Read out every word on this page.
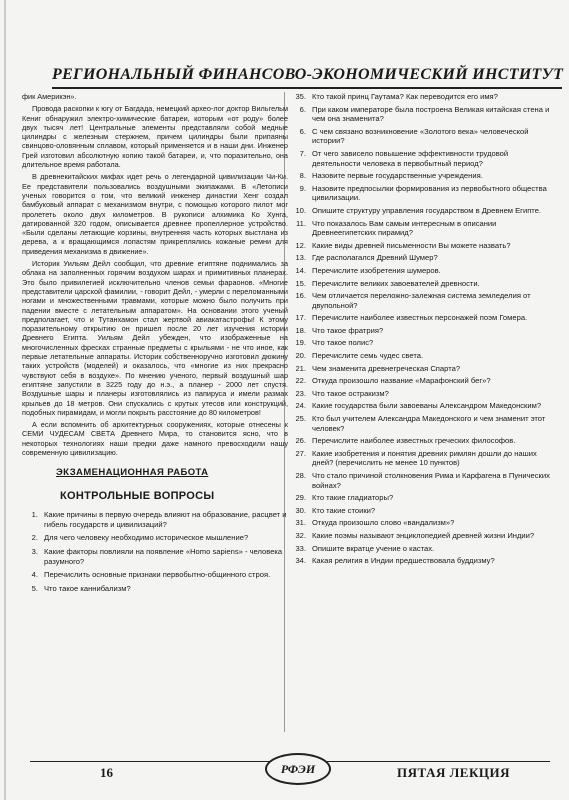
РЕГИОНАЛЬНЫЙ ФИНАНСОВО-ЭКОНОМИЧЕСКИЙ ИНСТИТУТ

фик Америкэн».

Провода раскопки к югу от Багдада, немецкий архео-лог доктор Вильгельм Кениг обнаружил электро-химические батареи, которым «от роду» более двух тысяч лет! Центральные элементы представляли собой медные цилиндры с железным стержнем, причем цилиндры были припаяны свинцово-оловянным сплавом, который применяется и в наши дни. Инженер Грей изготовил абсолютную копию такой батареи, и, что поразительно, она длительное время работала.

В древнекитайских мифах идет речь о легендарной цивилизации Чи-Ки. Ее представители пользовались воздушными экипажами. В «Летописи ученых говорится о том, что великий инженер династии Хенг создал бамбуковый аппарат с механизмом внутри, с помощью которого пилот мог пролететь около двух километров. В рукописи алхимика Ко Хунга, датированной 320 годом, описывается древнее пропеллерное устройство. «Были сделаны летающие корзины, внутренняя часть которых выстлана из дерева, а к вращающимся лопастям прикреплялись кожаные ремни для приведения механизма в движение».

Историк Уильям Дейл сообщил, что древние египтяне поднимались за облака на заполненных горячим воздухом шарах и примитивных планерах. Это было привилегией исключительно членов семьи фараонов. «Многие представители царской фамилии, - говорит Дейл, - умерли с переломанными ногами и множественными травмами, которые можно было получить при падении вместе с летательным аппаратом». На основании этого ученый предполагает, что и Тутанхамон стал жертвой авиакатастрофы! К этому поразительному открытию он пришел после 20 лет изучения истории Древнего Египта. Уильям Дейл убежден, что изображенные на многочисленных фресках странные предметы с крыльями - не что иное, как первые летательные аппараты. Историк собственноручно изготовил дюжину таких устройств (моделей) и оказалось, что «многие из них прекрасно чувствуют себя в воздухе». По мнению ученого, первый воздушный шар египтяне запустили в 3225 году до н.э., а планер - 2000 лет спустя. Воздушные шары и планеры изготовлялись из папируса и имели размах крыльев до 18 метров. Они спускались с крутых утесов или конструкций, подобных пирамидам, и могли покрыть расстояние до 80 километров!

А если вспомнить об архитектурных сооружениях, которые отнесены к СЕМИ ЧУДЕСАМ СВЕТА Древнего Мира, то становится ясно, что в некоторых технологиях наши предки даже намного превосходили нашу современную цивилизацию.

ЭКЗАМЕНАЦИОННАЯ РАБОТА
КОНТРОЛЬНЫЕ ВОПРОСЫ
1. Какие причины в первую очередь влияют на образование, расцвет и гибель государств и цивилизаций?
2. Для чего человеку необходимо историческое мышление?
3. Какие факторы повлияли на появление «Homo sapiens» - человека разумного?
4. Перечислить основные признаки первобытно-общинного строя.
5. Что такое каннибализм?
35. Кто такой принц Гаутама? Как переводится его имя?
6. При каком императоре была построена Великая китайская стена и чем она знаменита?
6. С чем связано возникновение «Золотого века» человеческой истории?
7. От чего зависело повышение эффективности трудовой деятельности человека в первобытный период?
8. Назовите первые государственные учреждения.
9. Назовите предпосылки формирования из первобытного общества цивилизации.
10. Опишите структуру управления государством в Древнем Египте.
11. Что показалось Вам самым интересным в описании Древнеегипетских пирамид?
12. Какие виды древней письменности Вы можете назвать?
13. Где располагался Древний Шумер?
14. Перечислите изобретения шумеров.
15. Перечислите великих завоевателей древности.
16. Чем отличается переложно-залежная система земледелия от двупольной?
17. Перечислите наиболее известных персонажей поэм Гомера.
18. Что такое фратрия?
19. Что такое полис?
20. Перечислите семь чудес света.
21. Чем знаменита древнегреческая Спарта?
22. Откуда произошло название «Марафонский бег»?
23. Что такое остракизм?
24. Какие государства были завоеваны Александром Македонским?
25. Кто был учителем Александра Македонского и чем знаменит этот человек?
26. Перечислите наиболее известных греческих философов.
27. Какие изобретения и понятия древних римлян дошли до наших дней? (перечислить не менее 10 пунктов)
28. Что стало причиной столкновения Рима и Карфагена в Пунических войнах?
29. Кто такие гладиаторы?
30. Кто такие стоики?
31. Откуда произошло слово «вандализм»?
32. Какие поэмы называют энциклопедией древней жизни Индии?
33. Опишите вкратце учение о кастах.
34. Какая религия в Индии предшествовала буддизму?
16	РФЭИ	ПЯТАЯ ЛЕКЦИЯ
